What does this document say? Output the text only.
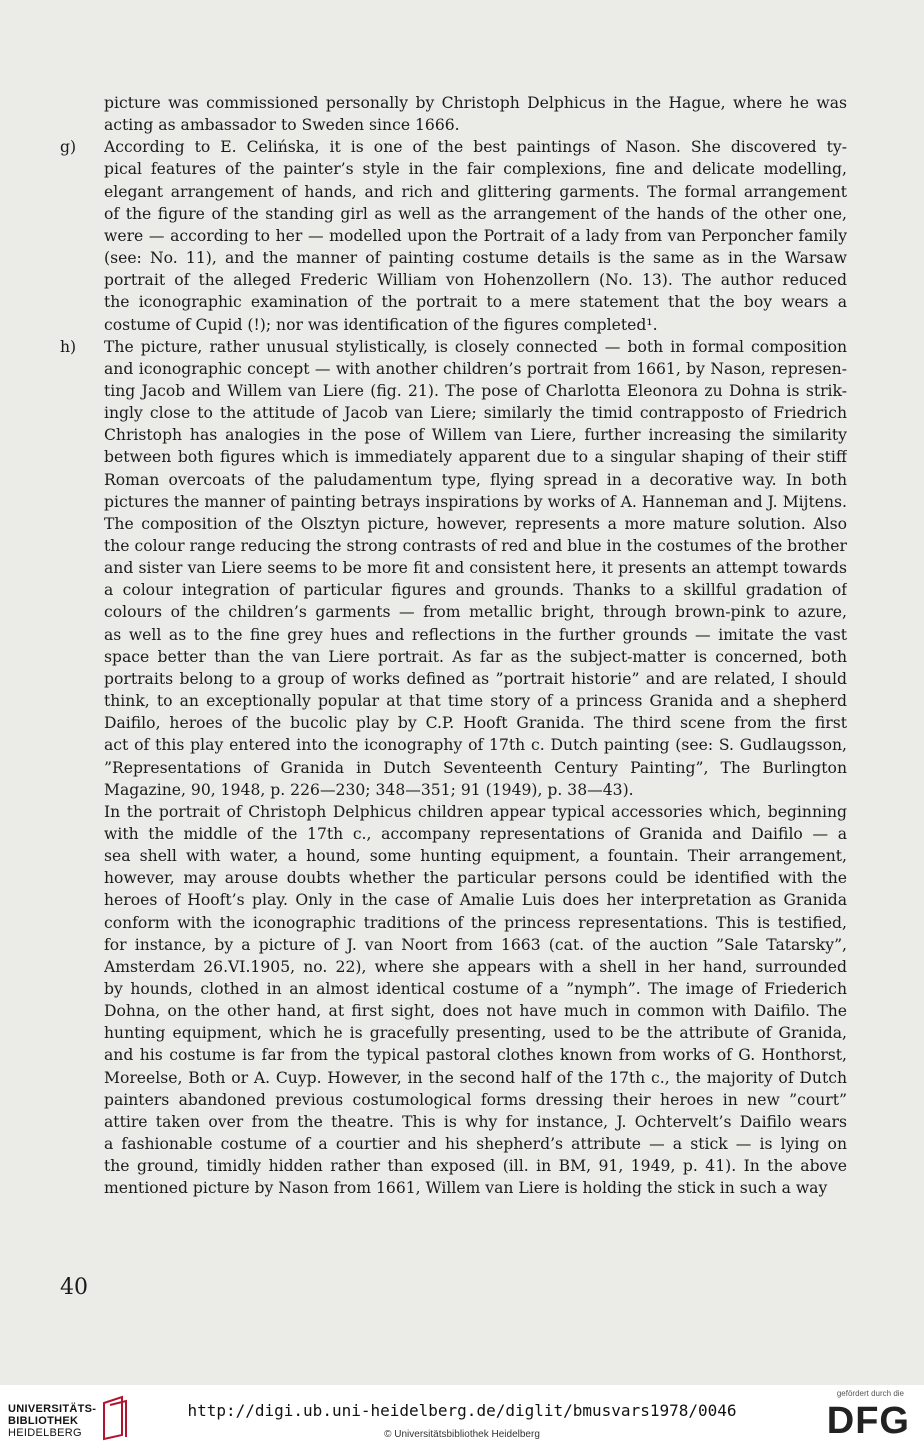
picture was commissioned personally by Christoph Delphicus in the Hague, where he was
acting as ambassador to Sweden since 1666.
g) According to E. Celińska, it is one of the best paintings of Nason. She discovered ty-
pical features of the painter’s style in the fair complexions, fine and delicate modelling,
elegant arrangement of hands, and rich and glittering garments. The formal arrangement
of the figure of the standing girl as well as the arrangement of the hands of the other one,
were — according to her — modelled upon the Portrait of a lady from van Perponcher family
(see: No. 11), and the manner of painting costume details is the same as in the Warsaw
portrait of the alleged Frederic William von Hohenzollern (No. 13). The author reduced
the iconographic examination of the portrait to a mere statement that the boy wears a
costume of Cupid (!); nor was identification of the figures completed¹.
h) The picture, rather unusual stylistically, is closely connected — both in formal composition
and iconographic concept — with another children’s portrait from 1661, by Nason, represen-
ting Jacob and Willem van Liere (fig. 21). The pose of Charlotta Eleonora zu Dohna is strik-
ingly close to the attitude of Jacob van Liere; similarly the timid contrapposto of Friedrich
Christoph has analogies in the pose of Willem van Liere, further increasing the similarity
between both figures which is immediately apparent due to a singular shaping of their stiff
Roman overcoats of the paludamentum type, flying spread in a decorative way. In both
pictures the manner of painting betrays inspirations by works of A. Hanneman and J. Mijtens.
The composition of the Olsztyn picture, however, represents a more mature solution. Also
the colour range reducing the strong contrasts of red and blue in the costumes of the brother
and sister van Liere seems to be more fit and consistent here, it presents an attempt towards
a colour integration of particular figures and grounds. Thanks to a skillful gradation of
colours of the children’s garments — from metallic bright, through brown-pink to azure,
as well as to the fine grey hues and reflections in the further grounds — imitate the vast
space better than the van Liere portrait. As far as the subject-matter is concerned, both
portraits belong to a group of works defined as ”portrait historie” and are related, I should
think, to an exceptionally popular at that time story of a princess Granida and a shepherd
Daifilo, heroes of the bucolic play by C.P. Hooft Granida. The third scene from the first
act of this play entered into the iconography of 17th c. Dutch painting (see: S. Gudlaugsson,
”Representations of Granida in Dutch Seventeenth Century Painting”, The Burlington
Magazine, 90, 1948, p. 226—230; 348—351; 91 (1949), p. 38—43).
In the portrait of Christoph Delphicus children appear typical accessories which, beginning
with the middle of the 17th c., accompany representations of Granida and Daifilo — a
sea shell with water, a hound, some hunting equipment, a fountain. Their arrangement,
however, may arouse doubts whether the particular persons could be identified with the
heroes of Hooft’s play. Only in the case of Amalie Luis does her interpretation as Granida
conform with the iconographic traditions of the princess representations. This is testified,
for instance, by a picture of J. van Noort from 1663 (cat. of the auction ”Sale Tatarsky”,
Amsterdam 26.VI.1905, no. 22), where she appears with a shell in her hand, surrounded
by hounds, clothed in an almost identical costume of a ”nymph”. The image of Friederich
Dohna, on the other hand, at first sight, does not have much in common with Daifilo. The
hunting equipment, which he is gracefully presenting, used to be the attribute of Granida,
and his costume is far from the typical pastoral clothes known from works of G. Honthorst,
Moreelse, Both or A. Cuyp. However, in the second half of the 17th c., the majority of Dutch
painters abandoned previous costumological forms dressing their heroes in new ”court”
attire taken over from the theatre. This is why for instance, J. Ochtervelt’s Daifilo wears
a fashionable costume of a courtier and his shepherd’s attribute — a stick — is lying on
the ground, timidly hidden rather than exposed (ill. in BM, 91, 1949, p. 41). In the above
mentioned picture by Nason from 1661, Willem van Liere is holding the stick in such a way
40
UNIVERSITÄTS-
BIBLIOTHEK
HEIDELBERG
http://digi.ub.uni-heidelberg.de/diglit/bmusvars1978/0046
© Universitätsbibliothek Heidelberg
gefördert durch die
DFG
